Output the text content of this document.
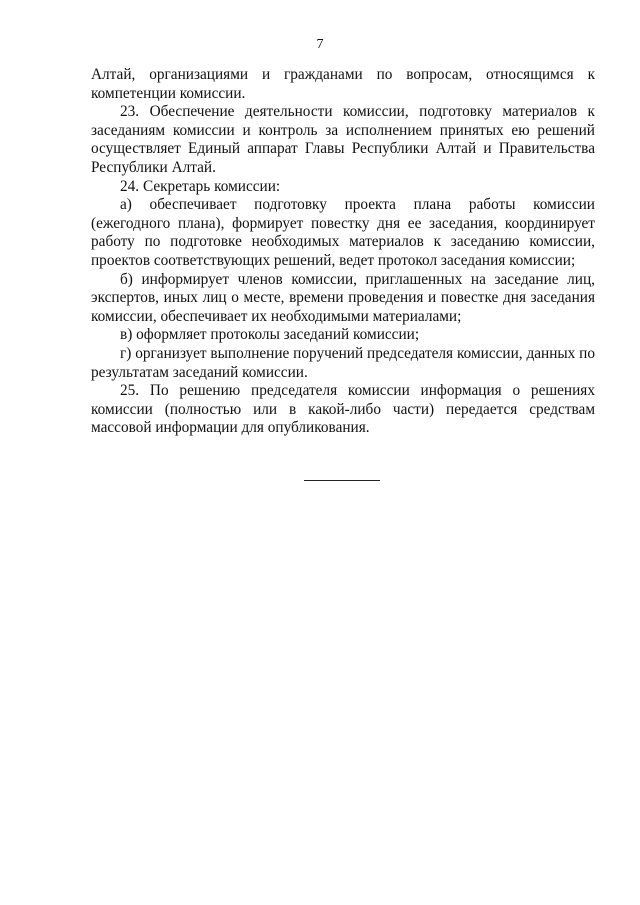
7

Алтай, организациями и гражданами по вопросам, относящимся к компетенции комиссии.

23. Обеспечение деятельности комиссии, подготовку материалов к заседаниям комиссии и контроль за исполнением принятых ею решений осуществляет Единый аппарат Главы Республики Алтай и Правительства Республики Алтай.

24. Секретарь комиссии:

а) обеспечивает подготовку проекта плана работы комиссии (ежегодного плана), формирует повестку дня ее заседания, координирует работу по подготовке необходимых материалов к заседанию комиссии, проектов соответствующих решений, ведет протокол заседания комиссии;

б) информирует членов комиссии, приглашенных на заседание лиц, экспертов, иных лиц о месте, времени проведения и повестке дня заседания комиссии, обеспечивает их необходимыми материалами;

в) оформляет протоколы заседаний комиссии;

г) организует выполнение поручений председателя комиссии, данных по результатам заседаний комиссии.

25. По решению председателя комиссии информация о решениях комиссии (полностью или в какой-либо части) передается средствам массовой информации для опубликования.
